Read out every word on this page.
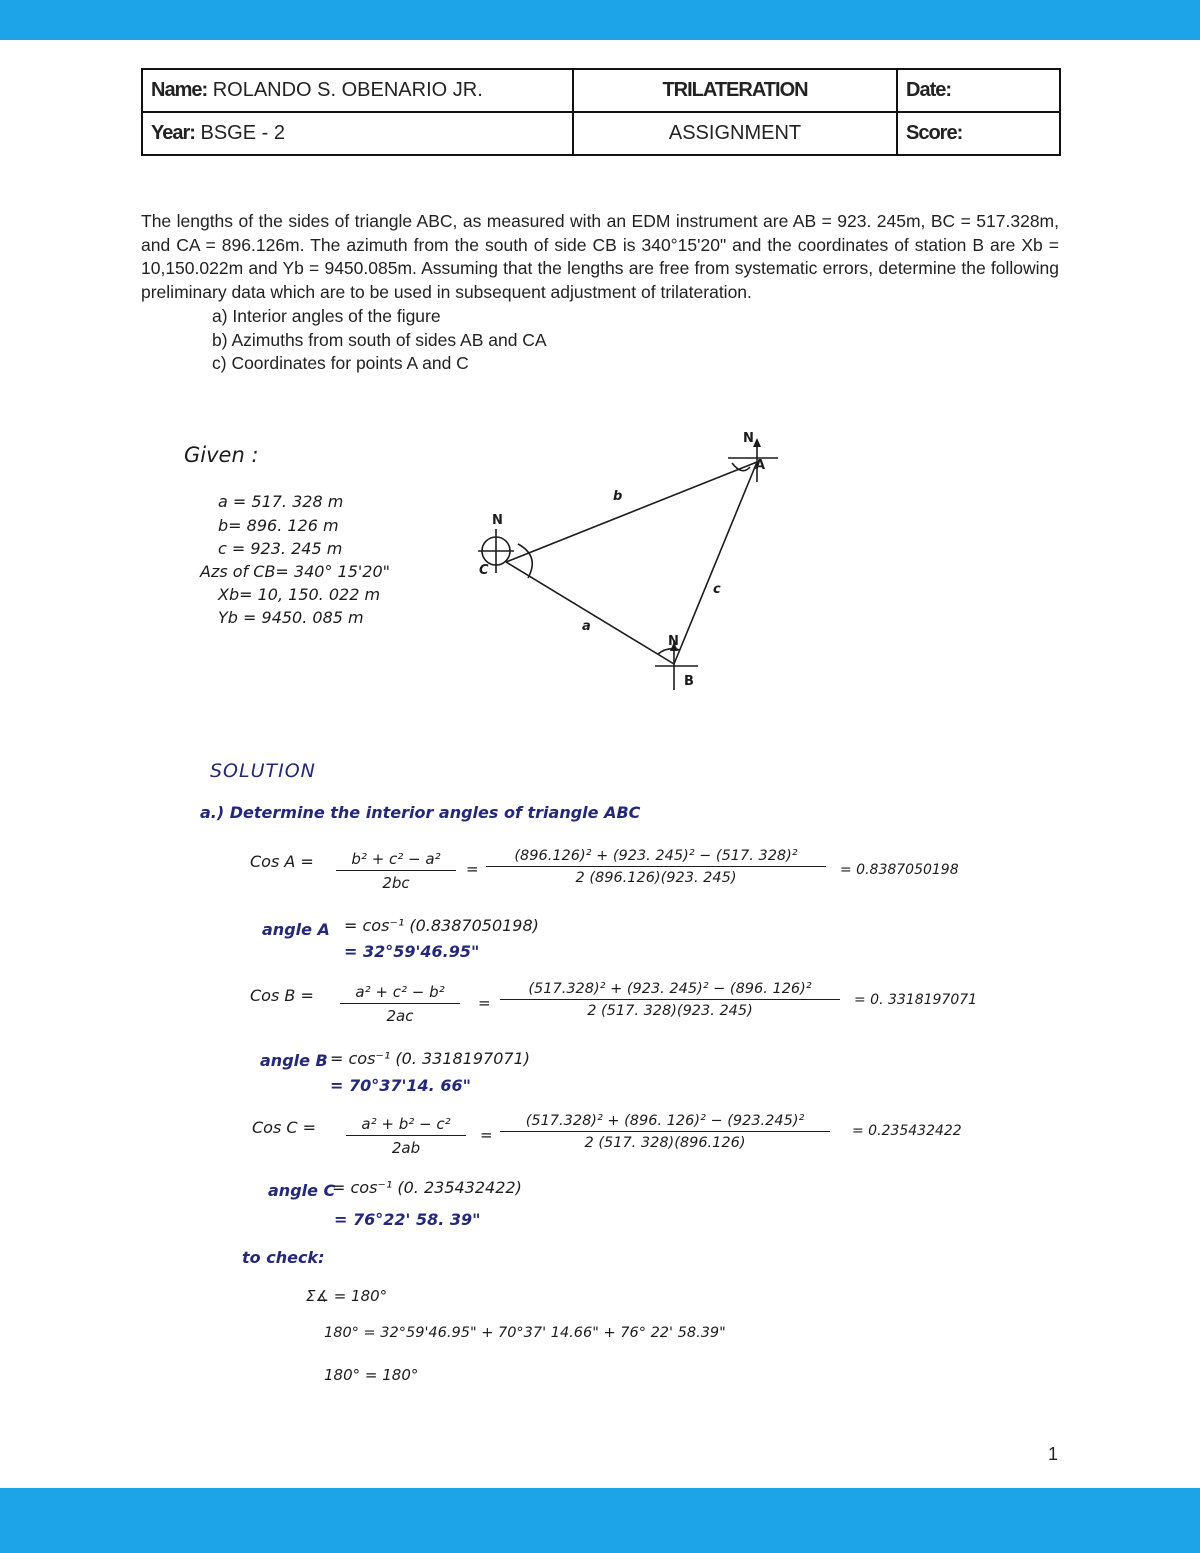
Name: ROLANDO S. OBENARIO JR.	TRILATERATION	Date:
Year: BSGE - 2	ASSIGNMENT	Score:

The lengths of the sides of triangle ABC, as measured with an EDM instrument are AB = 923. 245m, BC = 517.328m, and CA = 896.126m. The azimuth from the south of side CB is 340°15'20" and the coordinates of station B are Xb = 10,150.022m and Yb = 9450.085m. Assuming that the lengths are free from systematic errors, determine the following preliminary data which are to be used in subsequent adjustment of trilateration.

a) Interior angles of the figure
b) Azimuths from south of sides AB and CA
c) Coordinates for points A and C
Given :
a = 517. 328 m
b= 896. 126 m
c = 923. 245 m
Azs of CB= 340° 15'20"
Xb= 10, 150. 022 m
Yb = 9450. 085 m
N
N
N
A
B
C
b
c
a
SOLUTION
a.) Determine the interior angles of triangle ABC
Cos $A = \frac{\text{b² + c² − a²}}{2bc} = \frac{\text{(896.126)² + (923. 245)² − (517. 328)²}}{2 (896.126)(923. 245)} = 0.8387050198$
angle A = cos⁻¹ (0.8387050198)
= 32°59'46.95"
Cos $B = \frac{\text{a² + c² − b²}}{2ac} = \frac{\text{(517.328)² + (923. 245)² − (896. 126)²}}{2 (517. 328)(923. 245)} = 0$. 3318197071
angle B = cos⁻¹ (0. 3318197071)
= 70°37'14. 66"
Cos $C = \frac{\text{a² + b² − c²}}{2ab} = \frac{\text{(517.328)² + (896. 126)² − (923.245)²}}{2 (517. 328)(896.126)} = 0.235432422$
angle C
= cos⁻¹ (0. 235432422)
= 76°22' 58. 39"
to check:
Σ∡ = 180°
180° = 32°59'46.95" + 70°37' 14.66" + 76° 22' 58.39"
180° = 180°
1
